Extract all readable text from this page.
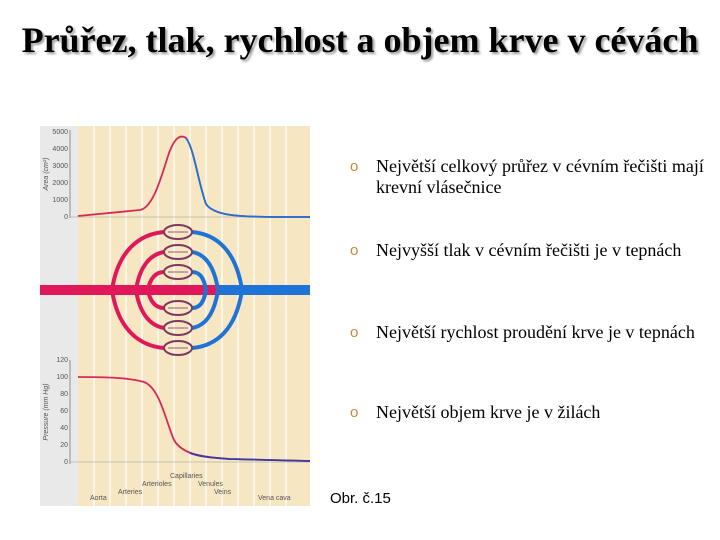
Průřez, tlak, rychlost a objem krve v cévách
Area (cm²)
5000
4000
3000
2000
1000
0
Pressure (mm Hg)
120
100
80
60
40
20
0
Aorta
Arteries
Arterioles
Capillaries
Venules
Veins
Vena cava
o Největší celkový průřez v cévním řečišti mají krevní vlásečnice
o Nejvyšší tlak v cévním řečišti je v tepnách
o Největší rychlost proudění krve je v tepnách
o Největší objem krve je v žilách
Obr. č.15
